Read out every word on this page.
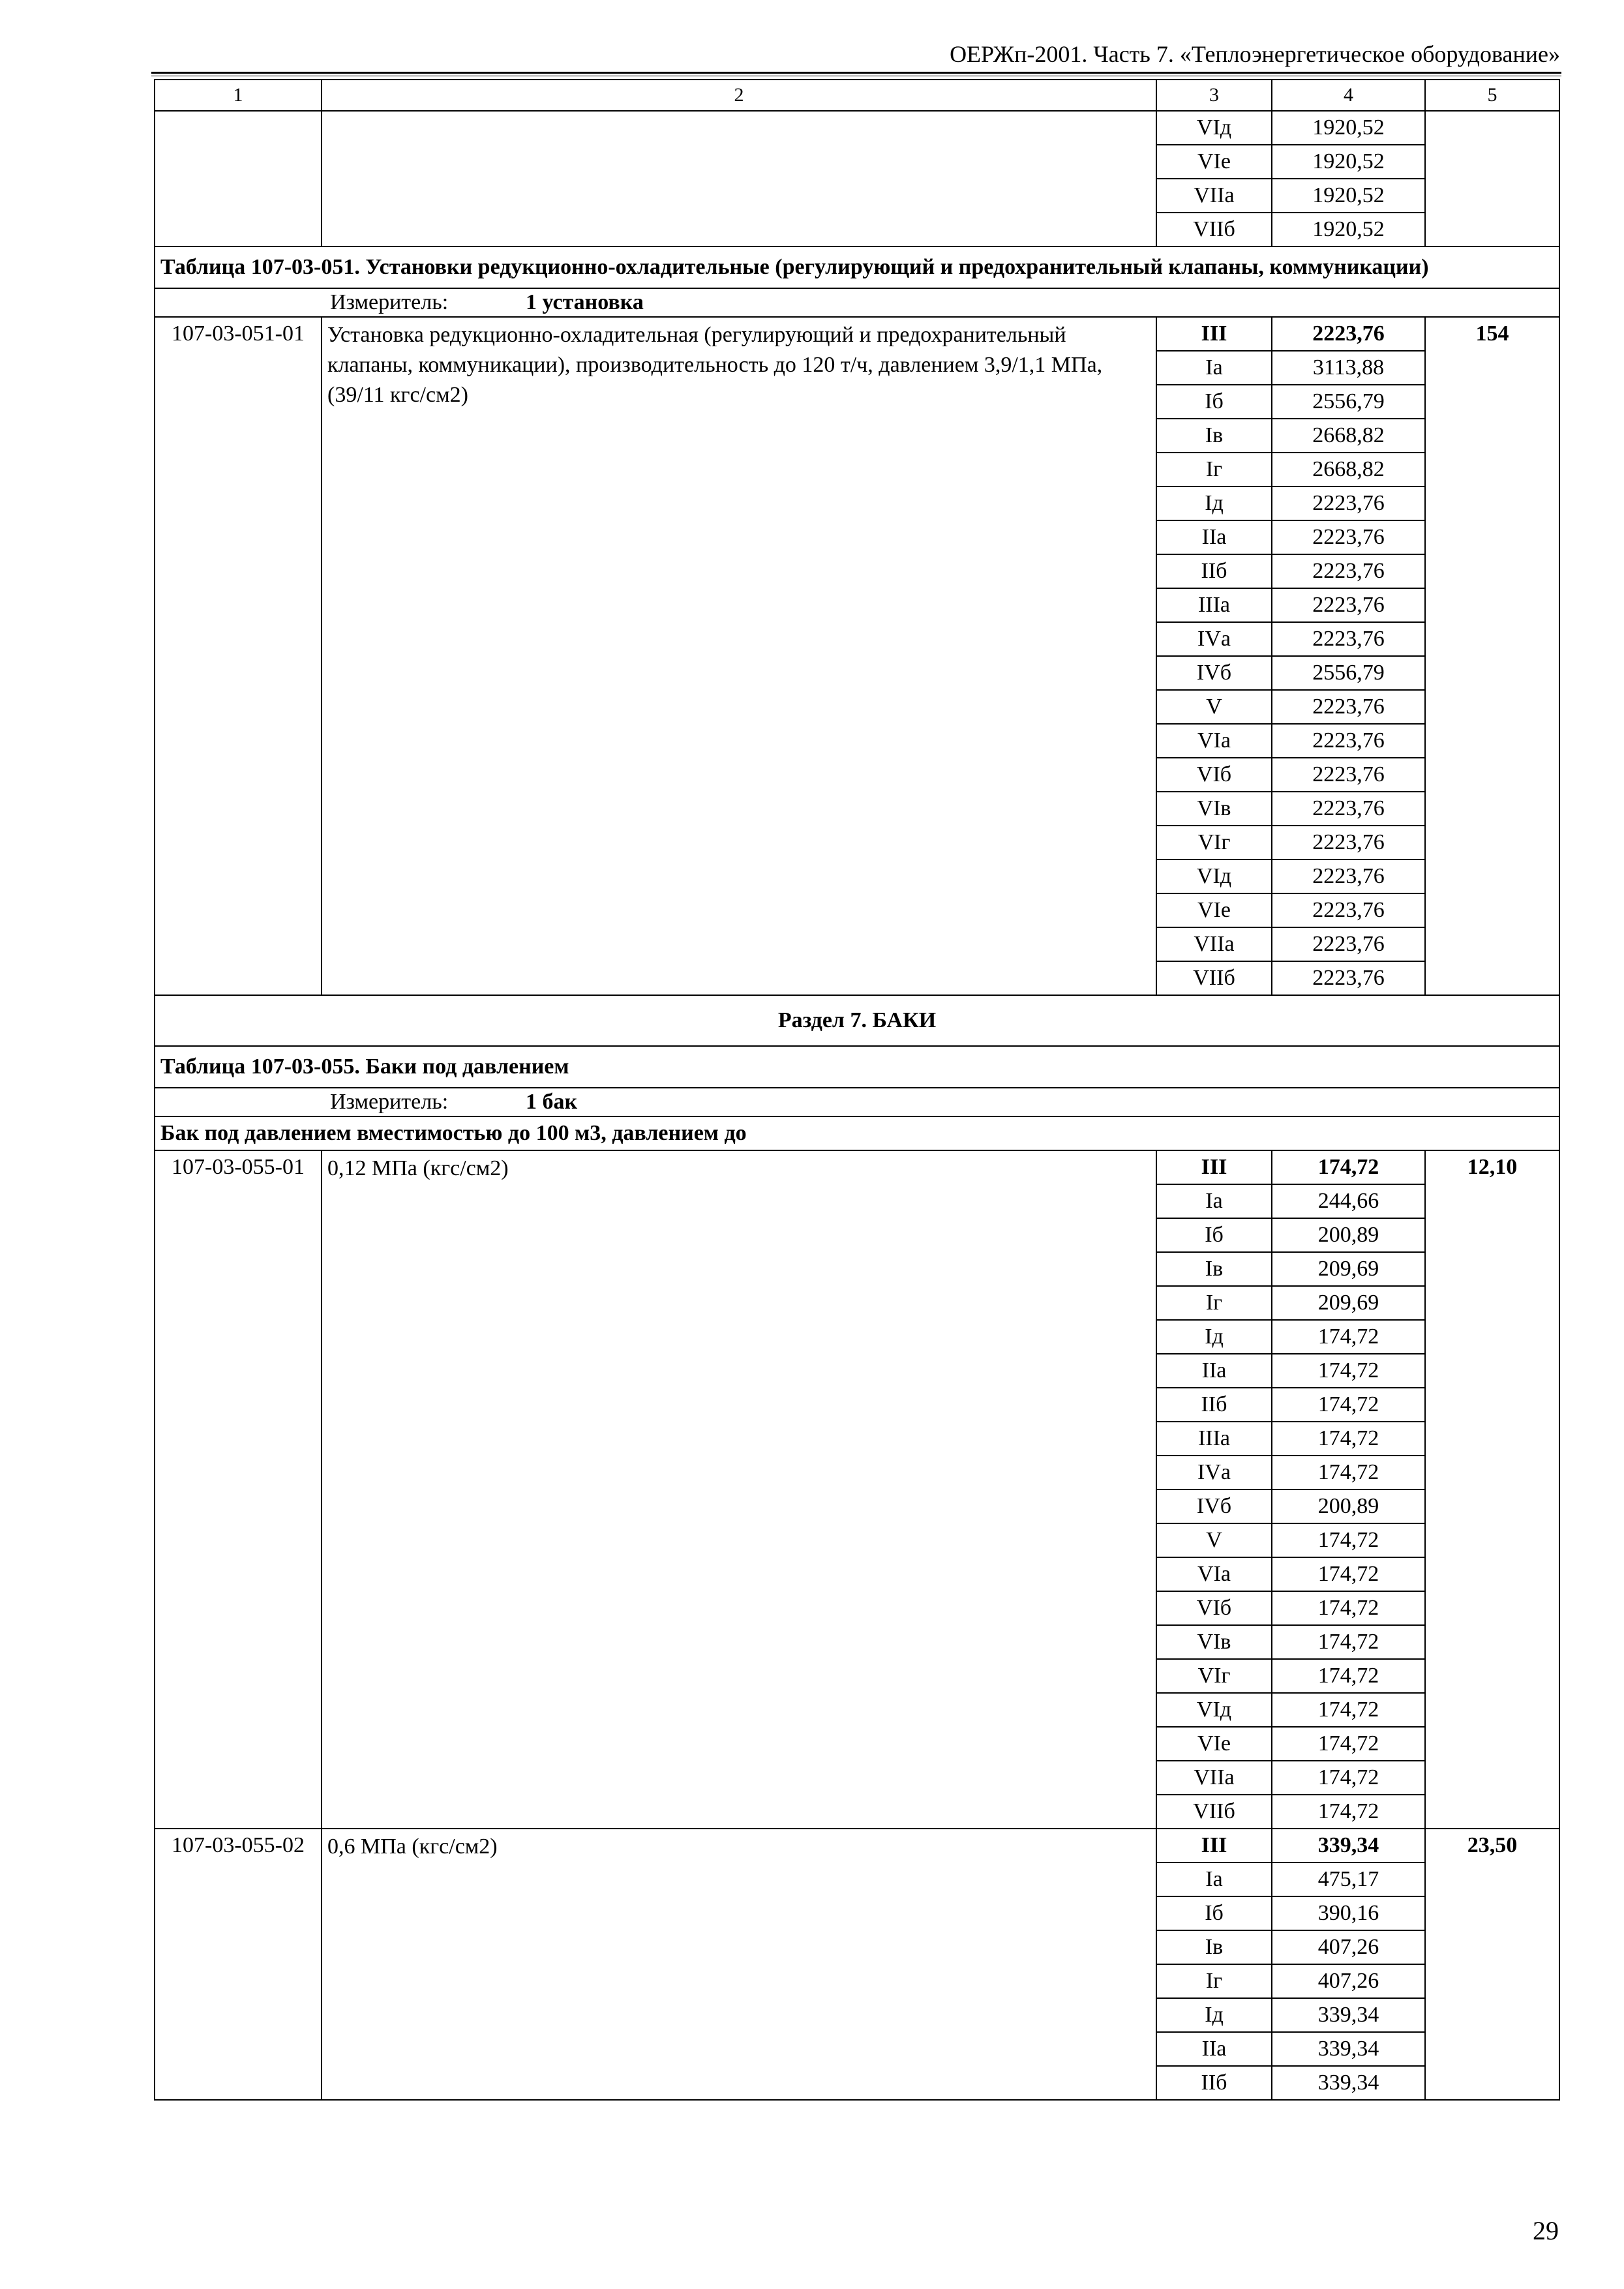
ОЕРЖп-2001. Часть 7. «Теплоэнергетическое оборудование»
1	2	3	4	5
		VIд	1920,52	
		VIе	1920,52	
		VIIа	1920,52	
		VIIб	1920,52	
Таблица 107-03-051. Установки редукционно-охладительные (регулирующий и предохранительный клапаны, коммуникации)				
Измеритель: 1 установка				
107-03-051-01	Установка редукционно-охладительная (регулирующий и предохранительный клапаны, коммуникации), производительность до 120 т/ч, давлением 3,9/1,1 МПа, (39/11 кгс/см2)	III	2223,76	154
		Iа	3113,88	
		Iб	2556,79	
		Iв	2668,82	
		Iг	2668,82	
		Iд	2223,76	
		IIа	2223,76	
		IIб	2223,76	
		IIIа	2223,76	
		IVа	2223,76	
		IVб	2556,79	
		V	2223,76	
		VIа	2223,76	
		VIб	2223,76	
		VIв	2223,76	
		VIг	2223,76	
		VIд	2223,76	
		VIе	2223,76	
		VIIа	2223,76	
		VIIб	2223,76	
Раздел 7. БАКИ				
Таблица 107-03-055. Баки под давлением				
Измеритель: 1 бак				
Бак под давлением вместимостью до 100 м3, давлением до				
107-03-055-01	0,12 МПа (кгс/см2)	III	174,72	12,10
		Iа	244,66	
		Iб	200,89	
		Iв	209,69	
		Iг	209,69	
		Iд	174,72	
		IIа	174,72	
		IIб	174,72	
		IIIа	174,72	
		IVа	174,72	
		IVб	200,89	
		V	174,72	
		VIа	174,72	
		VIб	174,72	
		VIв	174,72	
		VIг	174,72	
		VIд	174,72	
		VIе	174,72	
		VIIа	174,72	
		VIIб	174,72	
107-03-055-02	0,6 МПа (кгс/см2)	III	339,34	23,50
		Iа	475,17	
		Iб	390,16	
		Iв	407,26	
		Iг	407,26	
		Iд	339,34	
		IIа	339,34	
		IIб	339,34	
29
